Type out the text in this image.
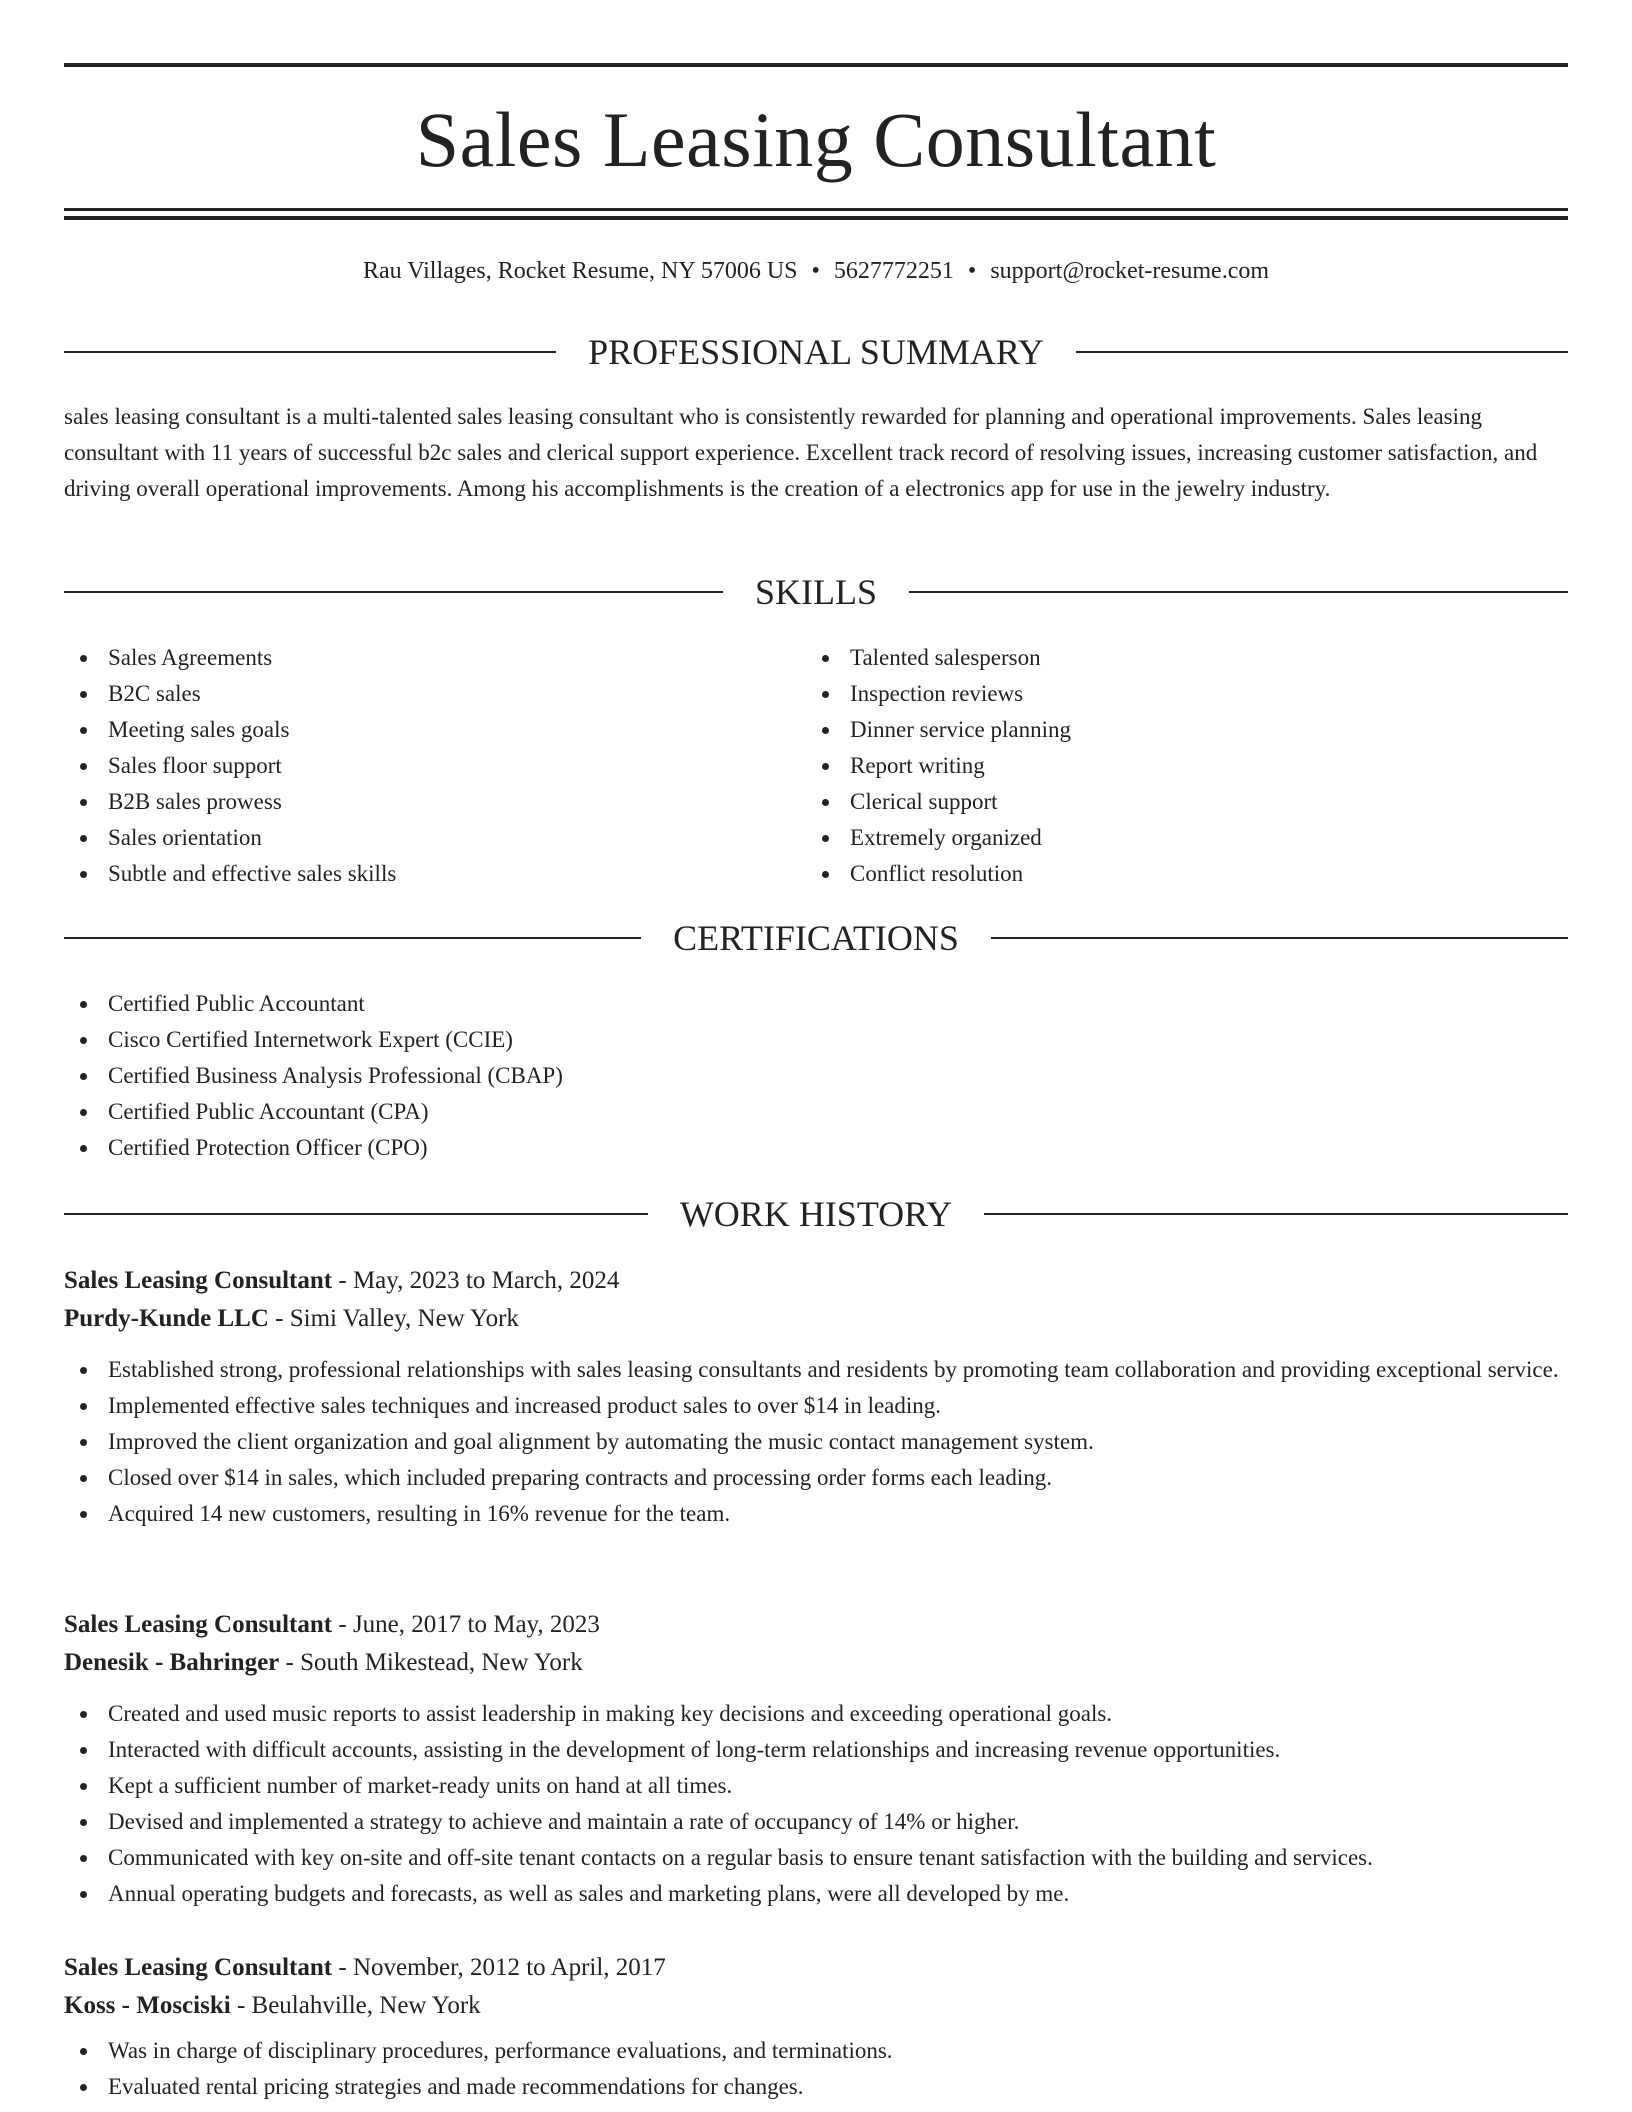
Sales Leasing Consultant
Rau Villages, Rocket Resume, NY 57006 US • 5627772251 • support@rocket-resume.com
PROFESSIONAL SUMMARY
sales leasing consultant is a multi-talented sales leasing consultant who is consistently rewarded for planning and operational improvements. Sales leasing consultant with 11 years of successful b2c sales and clerical support experience. Excellent track record of resolving issues, increasing customer satisfaction, and driving overall operational improvements. Among his accomplishments is the creation of a electronics app for use in the jewelry industry.
SKILLS
Sales Agreements
B2C sales
Meeting sales goals
Sales floor support
B2B sales prowess
Sales orientation
Subtle and effective sales skills
Talented salesperson
Inspection reviews
Dinner service planning
Report writing
Clerical support
Extremely organized
Conflict resolution
CERTIFICATIONS
Certified Public Accountant
Cisco Certified Internetwork Expert (CCIE)
Certified Business Analysis Professional (CBAP)
Certified Public Accountant (CPA)
Certified Protection Officer (CPO)
WORK HISTORY
Sales Leasing Consultant - May, 2023 to March, 2024
Purdy-Kunde LLC - Simi Valley, New York
Established strong, professional relationships with sales leasing consultants and residents by promoting team collaboration and providing exceptional service.
Implemented effective sales techniques and increased product sales to over $14 in leading.
Improved the client organization and goal alignment by automating the music contact management system.
Closed over $14 in sales, which included preparing contracts and processing order forms each leading.
Acquired 14 new customers, resulting in 16% revenue for the team.
Sales Leasing Consultant - June, 2017 to May, 2023
Denesik - Bahringer - South Mikestead, New York
Created and used music reports to assist leadership in making key decisions and exceeding operational goals.
Interacted with difficult accounts, assisting in the development of long-term relationships and increasing revenue opportunities.
Kept a sufficient number of market-ready units on hand at all times.
Devised and implemented a strategy to achieve and maintain a rate of occupancy of 14% or higher.
Communicated with key on-site and off-site tenant contacts on a regular basis to ensure tenant satisfaction with the building and services.
Annual operating budgets and forecasts, as well as sales and marketing plans, were all developed by me.
Sales Leasing Consultant - November, 2012 to April, 2017
Koss - Mosciski - Beulahville, New York
Was in charge of disciplinary procedures, performance evaluations, and terminations.
Evaluated rental pricing strategies and made recommendations for changes.
